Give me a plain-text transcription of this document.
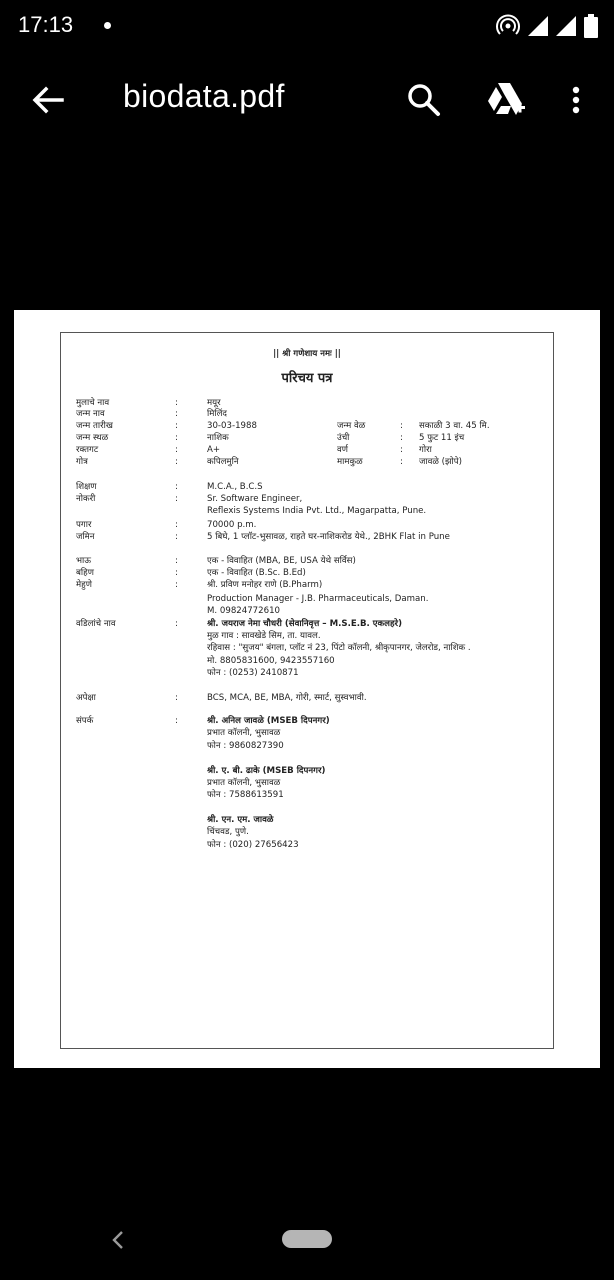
17:13
biodata.pdf
|| श्री गणेशाय नमः ||
परिचय पत्र
मुलाचे नाव	:	मयूर
जन्म नाव	:	मिलिंद
जन्म तारीख	:	30-03-1988	जन्म वेळ	: सकाळी 3 वा. 45 मि.
जन्म स्थळ	:	नाशिक	उंची	: 5 फुट 11 इंच
रक्तगट	:	A+	वर्ण	: गोरा
गोत्र	:	कपिलमुनि	मामकुळ	: जावळे (झोपे)
शिक्षण	:	M.C.A., B.C.S
नोकरी	:	Sr. Software Engineer,
Reflexis Systems India Pvt. Ltd., Magarpatta, Pune.
पगार	:	70000 p.m.
जमिन	:	5 बिघे, 1 प्लॉट-भुसावळ, राहते घर-नाशिकरोड येथे., 2BHK Flat in Pune
भाऊ	:	एक - विवाहित (MBA, BE, USA येथे सर्विस)
बहिण	:	एक - विवाहित (B.Sc. B.Ed)
मेहुणे	:	श्री. प्रविण मनोहर राणे (B.Pharm)
Production Manager - J.B. Pharmaceuticals, Daman.
M. 09824772610
वडिलांचे नाव	:	श्री. जयराज नेमा चौधरी (सेवानिवृत्त – M.S.E.B. एकलहरे)
मुळ गाव : सावखेडे सिम, ता. यावल.
रहिवास : "सुजय" बंगला, प्लॉट नं 23, पिंटो कॉलनी, श्रीकृपानगर, जेलरोड, नाशिक .
मो. 8805831600, 9423557160
फोन : (0253) 2410871
अपेक्षा	:	BCS, MCA, BE, MBA, गोरी, स्मार्ट, सुस्वभावी.
संपर्क	:	श्री. अनिल जावळे (MSEB दिपनगर)
प्रभात कॉलनी, भुसावळ
फोन : 9860827390
श्री. ए. बी. ढाके (MSEB दिपनगर)
प्रभात कॉलनी, भुसावळ
फोन : 7588613591
श्री. एन. एम. जावळे
चिंचवड, पुणे.
फोन : (020) 27656423
